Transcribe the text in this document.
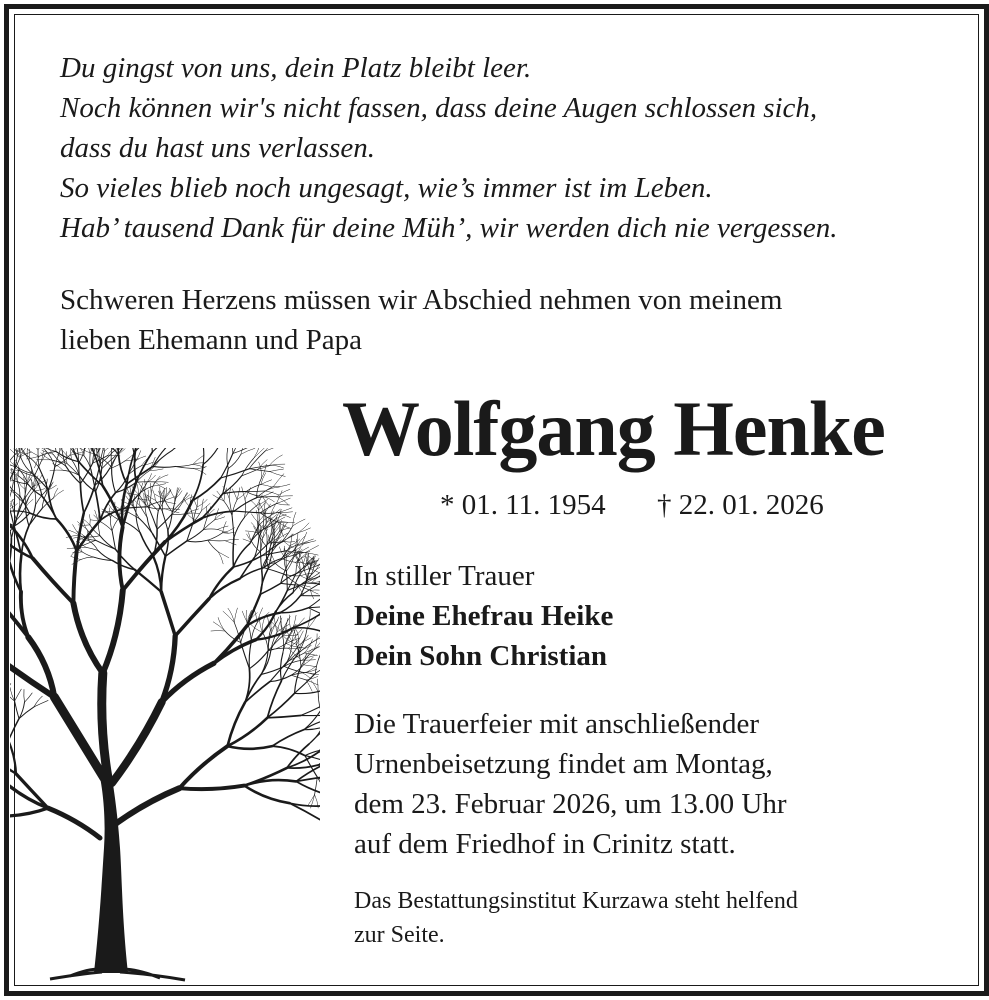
Du gingst von uns, dein Platz bleibt leer.
Noch können wir's nicht fassen, dass deine Augen schlossen sich,
dass du hast uns verlassen.
So vieles blieb noch ungesagt, wie’s immer ist im Leben.
Hab’ tausend Dank für deine Müh’, wir werden dich nie vergessen.
Schweren Herzens müssen wir Abschied nehmen von meinem
lieben Ehemann und Papa
Wolfgang Henke
* 01. 11. 1954 † 22. 01. 2026
In stiller Trauer
Deine Ehefrau Heike
Dein Sohn Christian
Die Trauerfeier mit anschließender
Urnenbeisetzung findet am Montag,
dem 23. Februar 2026, um 13.00 Uhr
auf dem Friedhof in Crinitz statt.
Das Bestattungsinstitut Kurzawa steht helfend
zur Seite.
